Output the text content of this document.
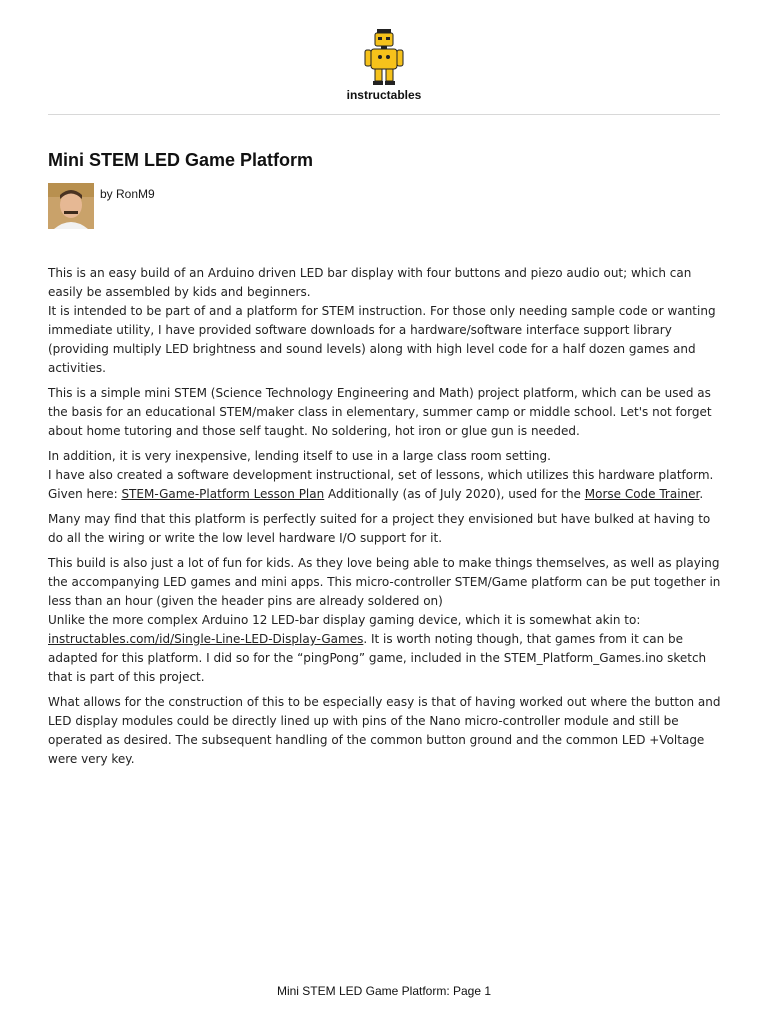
instructables
Mini STEM LED Game Platform
by RonM9

This is an easy build of an Arduino driven LED bar display with four buttons and piezo audio out; which can easily be assembled by kids and beginners.
It is intended to be part of and a platform for STEM instruction. For those only needing sample code or wanting immediate utility, I have provided software downloads for a hardware/software interface support library (providing multiply LED brightness and sound levels) along with high level code for a half dozen games and activities.

This is a simple mini STEM (Science Technology Engineering and Math) project platform, which can be used as the basis for an educational STEM/maker class in elementary, summer camp or middle school. Let's not forget about home tutoring and those self taught. No soldering, hot iron or glue gun is needed.

In addition, it is very inexpensive, lending itself to use in a large class room setting.
I have also created a software development instructional, set of lessons, which utilizes this hardware platform. Given here: STEM-Game-Platform Lesson Plan Additionally (as of July 2020), used for the Morse Code Trainer.

Many may find that this platform is perfectly suited for a project they envisioned but have bulked at having to do all the wiring or write the low level hardware I/O support for it.

This build is also just a lot of fun for kids. As they love being able to make things themselves, as well as playing the accompanying LED games and mini apps. This micro-controller STEM/Game platform can be put together in less than an hour (given the header pins are already soldered on)
Unlike the more complex Arduino 12 LED-bar display gaming device, which it is somewhat akin to:
instructables.com/id/Single-Line-LED-Display-Games. It is worth noting though, that games from it can be adapted for this platform. I did so for the “pingPong” game, included in the STEM_Platform_Games.ino sketch that is part of this project.

What allows for the construction of this to be especially easy is that of having worked out where the button and LED display modules could be directly lined up with pins of the Nano micro-controller module and still be operated as desired. The subsequent handling of the common button ground and the common LED +Voltage were very key.

Mini STEM LED Game Platform: Page 1
